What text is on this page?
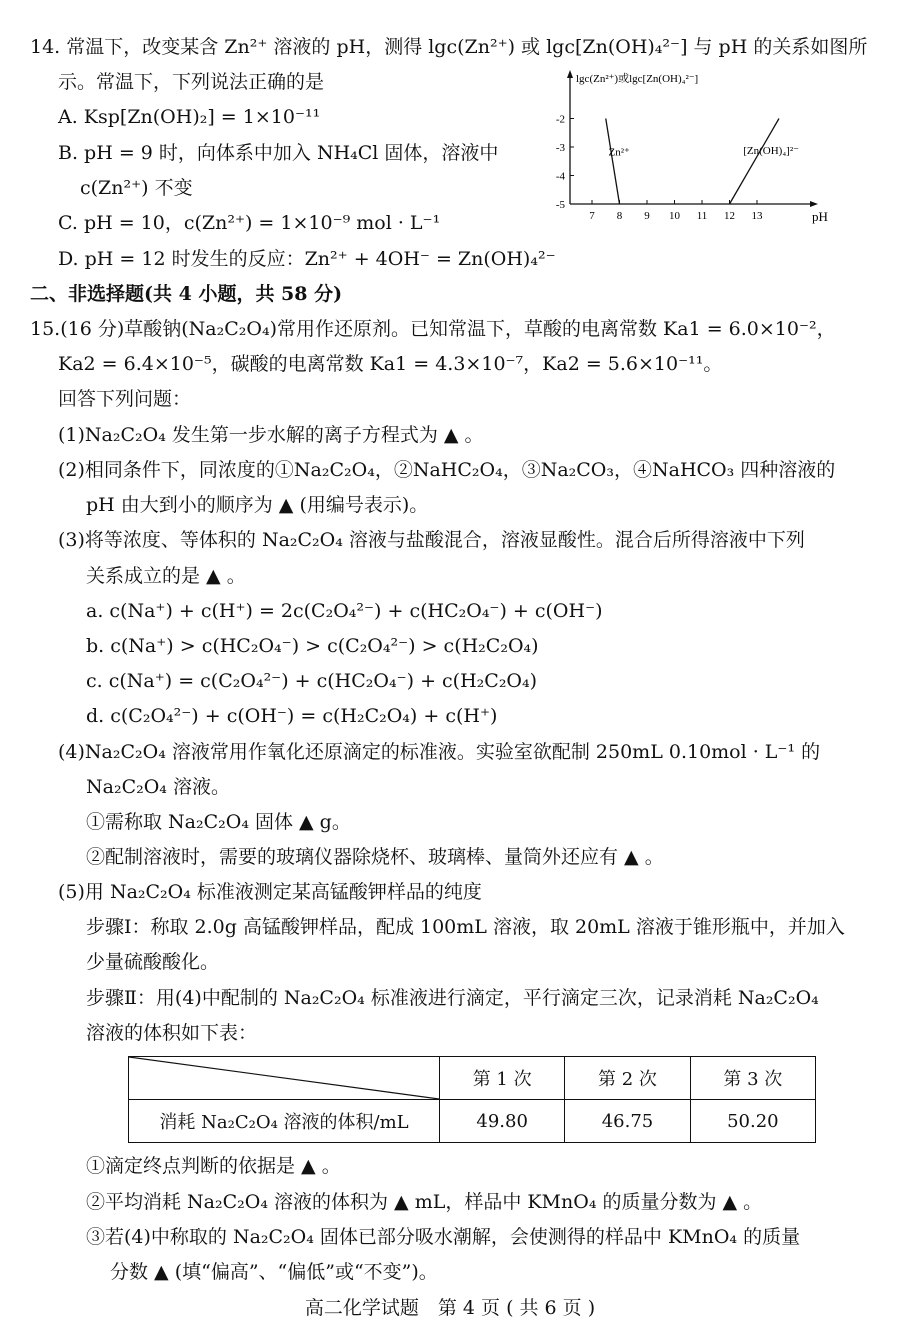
14. 常温下，改变某含 Zn²⁺ 溶液的 pH，测得 lgc(Zn²⁺) 或 lgc[Zn(OH)₄²⁻] 与 pH 的关系如图所
示。常温下，下列说法正确的是
A. Ksp[Zn(OH)₂] = 1×10⁻¹¹
B. pH = 9 时，向体系中加入 NH₄Cl 固体，溶液中
c(Zn²⁺) 不变
C. pH = 10，c(Zn²⁺) = 1×10⁻⁹ mol · L⁻¹
D. pH = 12 时发生的反应：Zn²⁺ + 4OH⁻ = Zn(OH)₄²⁻
7 8 9 10 11 12 13
-2
-3
-4
-5
lgc(Zn²⁺)或lgc[Zn(OH)₄²⁻]
pH
Zn²⁺	[Zn(OH)₄]²⁻
二、非选择题(共 4 小题，共 58 分)
15.(16 分)草酸钠(Na₂C₂O₄)常用作还原剂。已知常温下，草酸的电离常数 Ka1 = 6.0×10⁻²，
Ka2 = 6.4×10⁻⁵，碳酸的电离常数 Ka1 = 4.3×10⁻⁷，Ka2 = 5.6×10⁻¹¹。
回答下列问题：
(1)Na₂C₂O₄ 发生第一步水解的离子方程式为 ▲ 。
(2)相同条件下，同浓度的①Na₂C₂O₄，②NaHC₂O₄，③Na₂CO₃，④NaHCO₃ 四种溶液的
pH 由大到小的顺序为 ▲ (用编号表示)。
(3)将等浓度、等体积的 Na₂C₂O₄ 溶液与盐酸混合，溶液显酸性。混合后所得溶液中下列
关系成立的是 ▲ 。
a. c(Na⁺) + c(H⁺) = 2c(C₂O₄²⁻) + c(HC₂O₄⁻) + c(OH⁻)
b. c(Na⁺) > c(HC₂O₄⁻) > c(C₂O₄²⁻) > c(H₂C₂O₄)
c. c(Na⁺) = c(C₂O₄²⁻) + c(HC₂O₄⁻) + c(H₂C₂O₄)
d. c(C₂O₄²⁻) + c(OH⁻) = c(H₂C₂O₄) + c(H⁺)
(4)Na₂C₂O₄ 溶液常用作氧化还原滴定的标准液。实验室欲配制 250mL 0.10mol · L⁻¹ 的
Na₂C₂O₄ 溶液。
①需称取 Na₂C₂O₄ 固体 ▲ g。
②配制溶液时，需要的玻璃仪器除烧杯、玻璃棒、量筒外还应有 ▲ 。
(5)用 Na₂C₂O₄ 标准液测定某高锰酸钾样品的纯度
步骤Ⅰ：称取 2.0g 高锰酸钾样品，配成 100mL 溶液，取 20mL 溶液于锥形瓶中，并加入
少量硫酸酸化。
步骤Ⅱ：用(4)中配制的 Na₂C₂O₄ 标准液进行滴定，平行滴定三次，记录消耗 Na₂C₂O₄
溶液的体积如下表：
	第 1 次	第 2 次	第 3 次
消耗 Na₂C₂O₄ 溶液的体积/mL	49.80	46.75	50.20
①滴定终点判断的依据是 ▲ 。
②平均消耗 Na₂C₂O₄ 溶液的体积为 ▲ mL，样品中 KMnO₄ 的质量分数为 ▲ 。
③若(4)中称取的 Na₂C₂O₄ 固体已部分吸水潮解，会使测得的样品中 KMnO₄ 的质量
分数 ▲ (填“偏高”、“偏低”或“不变”)。
高二化学试题　第 4 页 ( 共 6 页 )
